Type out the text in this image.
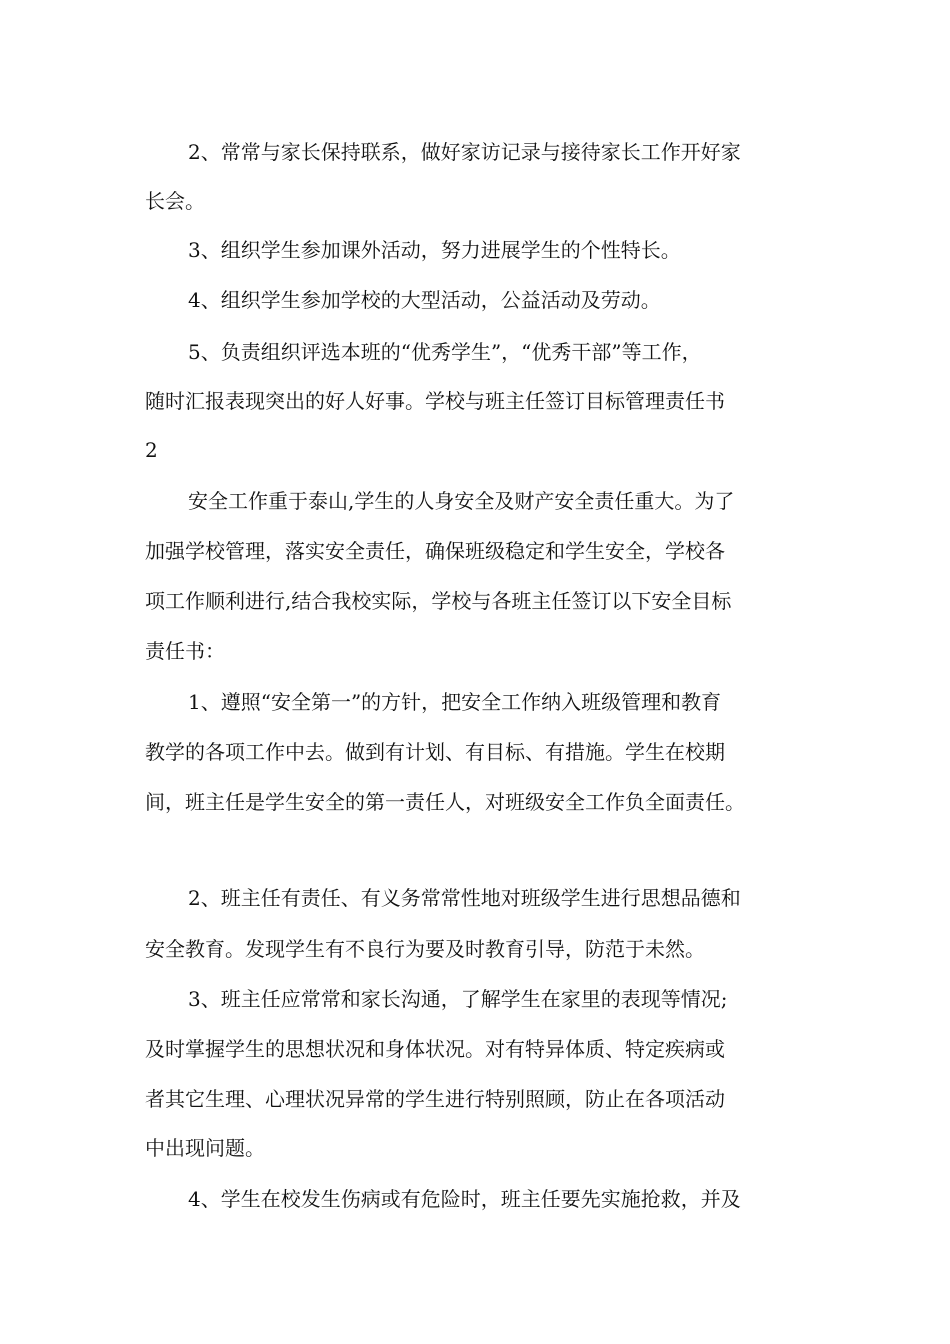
2、常常与家长保持联系，做好家访记录与接待家长工作开好家
长会。
3、组织学生参加课外活动，努力进展学生的个性特长。
4、组织学生参加学校的大型活动，公益活动及劳动。
5、负责组织评选本班的“优秀学生”，“优秀干部”等工作，
随时汇报表现突出的好人好事。学校与班主任签订目标管理责任书
2
安全工作重于泰山,学生的人身安全及财产安全责任重大。为了
加强学校管理，落实安全责任，确保班级稳定和学生安全，学校各
项工作顺利进行,结合我校实际，学校与各班主任签订以下安全目标
责任书：
1、遵照“安全第一”的方针，把安全工作纳入班级管理和教育
教学的各项工作中去。做到有计划、有目标、有措施。学生在校期
间，班主任是学生安全的第一责任人，对班级安全工作负全面责任。
2、班主任有责任、有义务常常性地对班级学生进行思想品德和
安全教育。发现学生有不良行为要及时教育引导，防范于未然。
3、班主任应常常和家长沟通，了解学生在家里的表现等情况;
及时掌握学生的思想状况和身体状况。对有特异体质、特定疾病或
者其它生理、心理状况异常的学生进行特别照顾，防止在各项活动
中出现问题。
4、学生在校发生伤病或有危险时，班主任要先实施抢救，并及
